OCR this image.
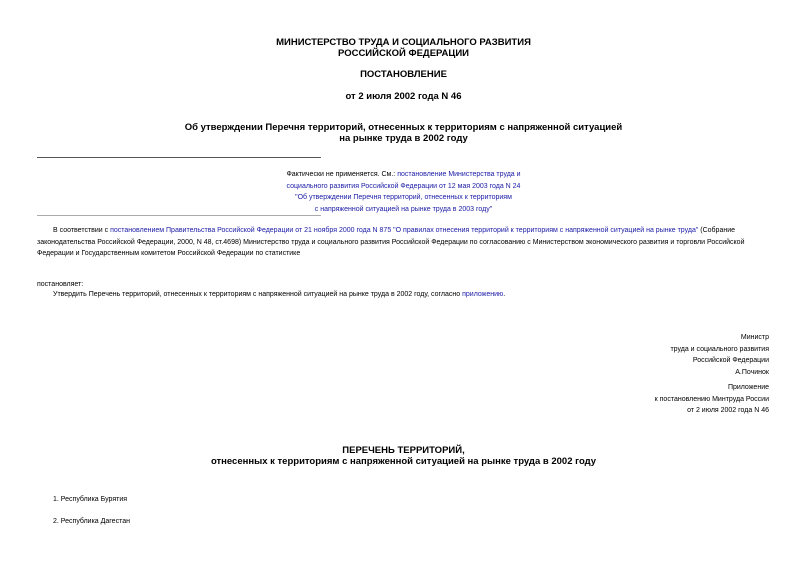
МИНИСТЕРСТВО ТРУДА И СОЦИАЛЬНОГО РАЗВИТИЯ
РОССИЙСКОЙ ФЕДЕРАЦИИ
ПОСТАНОВЛЕНИЕ
от 2 июля 2002 года N 46
Об утверждении Перечня территорий, отнесенных к территориям с напряженной ситуацией
на рынке труда в 2002 году
Фактически не применяется. См.: постановление Министерства труда и
социального развития Российской Федерации от 12 мая 2003 года N 24
"Об утверждении Перечня территорий, отнесенных к территориям
с напряженной ситуацией на рынке труда в 2003 году"
В соответствии с постановлением Правительства Российской Федерации от 21 ноября 2000 года N 875 "О правилах отнесения территорий к территориям с напряженной ситуацией на рынке труда" (Собрание
законодательства Российской Федерации, 2000, N 48, ст.4698) Министерство труда и социального развития Российской Федерации по согласованию с Министерством экономического развития и торговли Российской
Федерации и Государственным комитетом Российской Федерации по статистике
постановляет:
Утвердить Перечень территорий, отнесенных к территориям с напряженной ситуацией на рынке труда в 2002 году, согласно приложению.
Министр
труда и социального развития
Российской Федерации
А.Починок
Приложение
к постановлению Минтруда России
от 2 июля 2002 года N 46
ПЕРЕЧЕНЬ ТЕРРИТОРИЙ,
отнесенных к территориям с напряженной ситуацией на рынке труда в 2002 году
1. Республика Бурятия
2. Республика Дагестан
